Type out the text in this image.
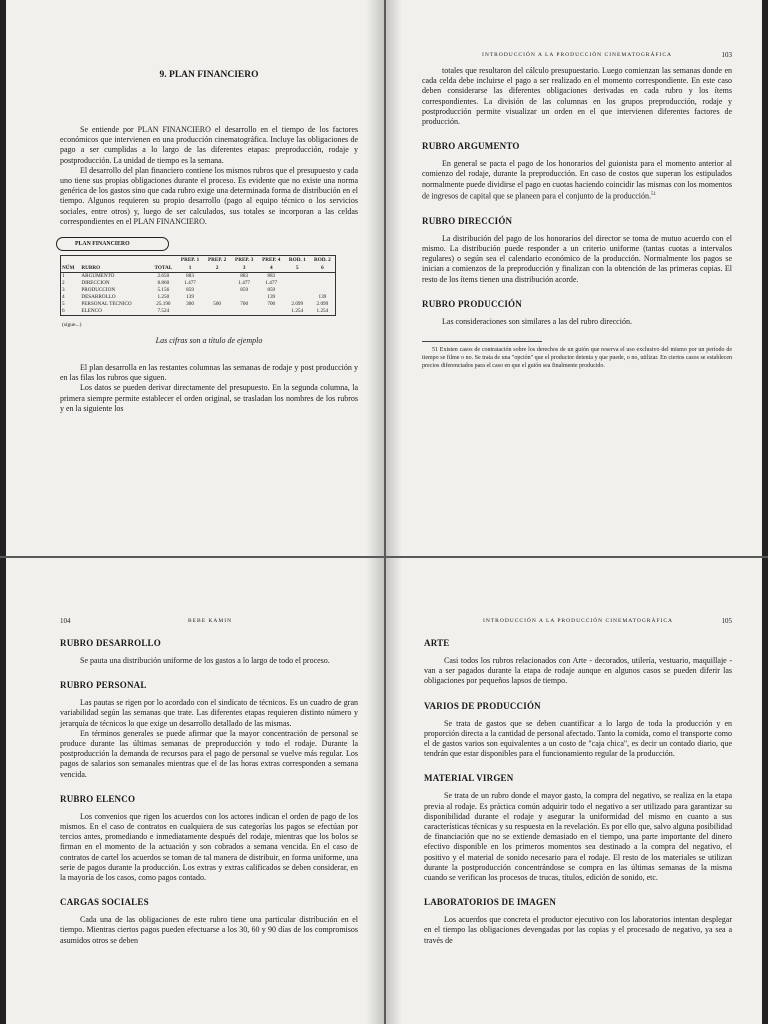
9. PLAN FINANCIERO

Se entiende por PLAN FINANCIERO el desarrollo en el tiempo de los factores económicos que intervienen en una producción cinematográfica. Incluye las obligaciones de pago a ser cumplidas a lo largo de las diferentes etapas: preproducción, rodaje y postproducción. La unidad de tiempo es la semana.

El desarrollo del plan financiero contiene los mismos rubros que el presupuesto y cada uno tiene sus propias obligaciones durante el proceso. Es evidente que no existe una norma genérica de los gastos sino que cada rubro exige una determinada forma de distribución en el tiempo. Algunos requieren su propio desarrollo (pago al equipo técnico o los servicios sociales, entre otros) y, luego de ser calculados, sus totales se incorporan a las celdas correspondientes en el PLAN FINANCIERO.

PLAN FINANCIERO
			PREP. 1	PREP. 2	PREP. 3	PREP. 4	ROD. 1	ROD. 2
NÚM	RUBRO	TOTAL	1	2	3	4	5	6
1	ARGUMENTO	2.650	883		883	883		
2	DIRECCION	8.860	1.477		1.477	1.477		
3	PRODUCCION	5.156	859		859	859		
4	DESARROLLO	1.250	139			139		139
5	PERSONAL TECNICO	25.190	300	500	700	700	2.099	2.099
6	ELENCO	7.524					1.254	1.254
(sigue...)
Las cifras son a título de ejemplo

El plan desarrolla en las restantes columnas las semanas de rodaje y post producción y en las filas los rubros que siguen.

Los datos se pueden derivar directamente del presupuesto. En la segunda columna, la primera siempre permite establecer el orden original, se trasladan los nombres de los rubros y en la siguiente los

INTRODUCCIÓN A LA PRODUCCIÓN CINEMATOGRÁFICA	103

totales que resultaron del cálculo presupuestario. Luego comienzan las semanas donde en cada celda debe incluirse el pago a ser realizado en el momento correspondiente. En este caso deben considerarse las diferentes obligaciones derivadas en cada rubro y los ítems correspondientes. La división de las columnas en los grupos preproducción, rodaje y postproducción permite visualizar un orden en el que intervienen diferentes factores de producción.

RUBRO ARGUMENTO

En general se pacta el pago de los honorarios del guionista para el momento anterior al comienzo del rodaje, durante la preproducción. En caso de costos que superan los estipulados normalmente puede dividirse el pago en cuotas haciendo coincidir las mismas con los momentos de ingresos de capital que se planeen para el conjunto de la producción.$^{51}$

RUBRO DIRECCIÓN

La distribución del pago de los honorarios del director se toma de mutuo acuerdo con el mismo. La distribución puede responder a un criterio uniforme (tantas cuotas a intervalos regulares) o según sea el calendario económico de la producción. Normalmente los pagos se inician a comienzos de la preproducción y finalizan con la obtención de las primeras copias. El resto de los ítems tienen una distribución acorde.

RUBRO PRODUCCIÓN

Las consideraciones son similares a las del rubro dirección.

51 Existen casos de contratación sobre los derechos de un guión que reserva el uso exclusivo del mismo por un período de tiempo se filme o no. Se trata de una "opción" que el productor detenta y que puede, o no, utilizar. En ciertos casos se establecen precios diferenciados para el caso en que el guión sea finalmente producido.
104	BEBE KAMIN

RUBRO DESARROLLO

Se pauta una distribución uniforme de los gastos a lo largo de todo el proceso.

RUBRO PERSONAL

Las pautas se rigen por lo acordado con el sindicato de técnicos. Es un cuadro de gran variabilidad según las semanas que trate. Las diferentes etapas requieren distinto número y jerarquía de técnicos lo que exige un desarrollo detallado de las mismas.

En términos generales se puede afirmar que la mayor concentración de personal se produce durante las últimas semanas de preproducción y todo el rodaje. Durante la postproducción la demanda de recursos para el pago de personal se vuelve más regular. Los pagos de salarios son semanales mientras que el de las horas extras corresponden a semana vencida.

RUBRO ELENCO

Los convenios que rigen los acuerdos con los actores indican el orden de pago de los mismos. En el caso de contratos en cualquiera de sus categorías los pagos se efectúan por tercios antes, promediando e inmediatamente después del rodaje, mientras que los bolos se firman en el momento de la actuación y son cobrados a semana vencida. En el caso de contratos de cartel los acuerdos se toman de tal manera de distribuir, en forma uniforme, una serie de pagos durante la producción. Los extras y extras calificados se deben considerar, en la mayoría de los casos, como pagos contado.

CARGAS SOCIALES

Cada una de las obligaciones de este rubro tiene una particular distribución en el tiempo. Mientras ciertos pagos pueden efectuarse a los 30, 60 y 90 días de los compromisos asumidos otros se deben

INTRODUCCIÓN A LA PRODUCCIÓN CINEMATOGRÁFICA	105
ARTE

Casi todos los rubros relacionados con Arte - decorados, utilería, vestuario, maquillaje - van a ser pagados durante la etapa de rodaje aunque en algunos casos se pueden diferir las obligaciones por pequeños lapsos de tiempo.

VARIOS DE PRODUCCIÓN

Se trata de gastos que se deben cuantificar a lo largo de toda la producción y en proporción directa a la cantidad de personal afectado. Tanto la comida, como el transporte como el de gastos varios son equivalentes a un costo de "caja chica", es decir un contado diario, que tendrán que estar disponibles para el funcionamiento regular de la producción.

MATERIAL VIRGEN

Se trata de un rubro donde el mayor gasto, la compra del negativo, se realiza en la etapa previa al rodaje. Es práctica común adquirir todo el negativo a ser utilizado para garantizar su disponibilidad durante el rodaje y asegurar la uniformidad del mismo en cuanto a sus características técnicas y su respuesta en la revelación. Es por ello que, salvo alguna posibilidad de financiación que no se extiende demasiado en el tiempo, una parte importante del dinero efectivo disponible en los primeros momentos sea destinado a la compra del negativo, el positivo y el material de sonido necesario para el rodaje. El resto de los materiales se utilizan durante la postproducción concentrándose se compra en las últimas semanas de la misma cuando se verifican los procesos de trucas, títulos, edición de sonido, etc.

LABORATORIOS DE IMAGEN

Los acuerdos que concreta el productor ejecutivo con los laboratorios intentan desplegar en el tiempo las obligaciones devengadas por las copias y el procesado de negativo, ya sea a través de
